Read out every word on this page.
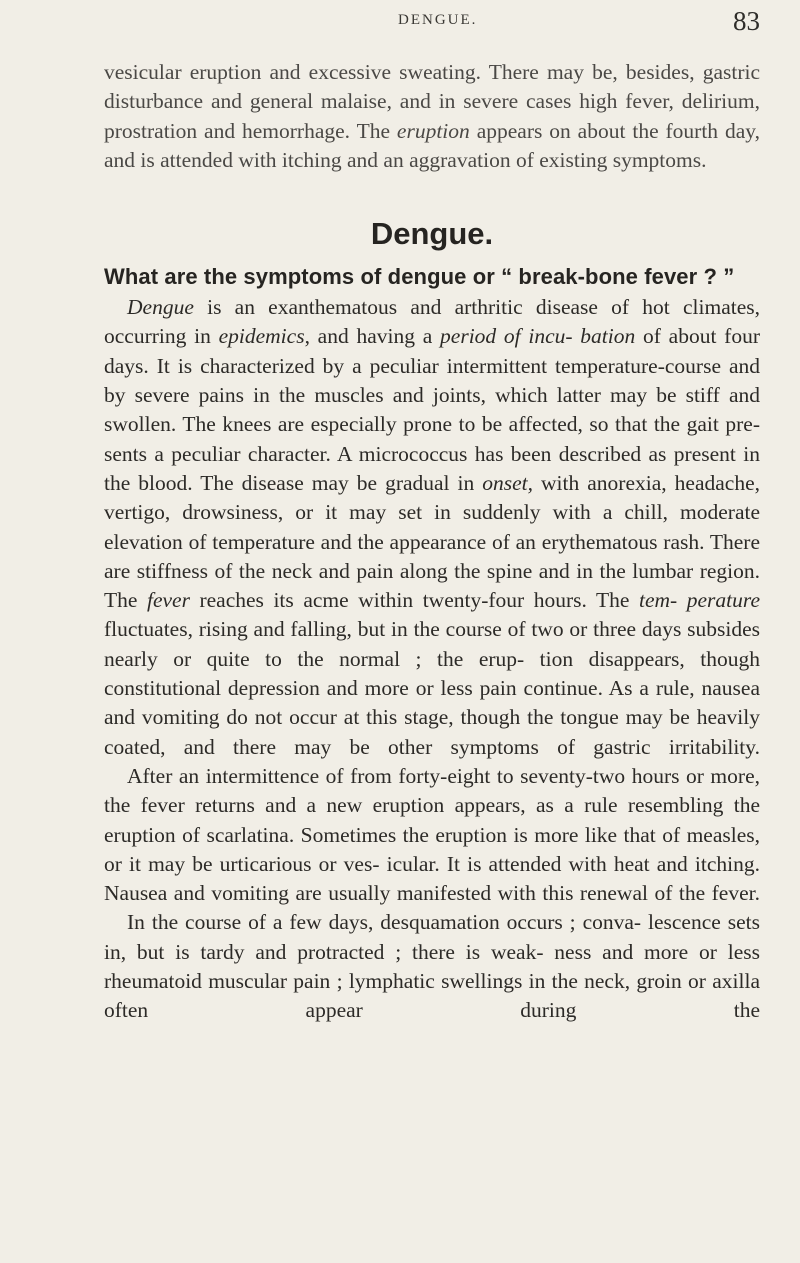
DENGUE.	83

vesicular eruption and excessive sweating. There may be, besides, gastric disturbance and general malaise, and in severe cases high fever, delirium, prostration and hemorrhage. The eruption appears on about the fourth day, and is attended with itching and an aggravation of existing symptoms.

Dengue.
What are the symptoms of dengue or “ break-bone fever ? ”

Dengue is an exanthematous and arthritic disease of hot climates, occurring in epidemics, and having a period of incu- bation of about four days. It is characterized by a peculiar intermittent temperature-course and by severe pains in the muscles and joints, which latter may be stiff and swollen. The knees are especially prone to be affected, so that the gait pre- sents a peculiar character. A micrococcus has been described as present in the blood. The disease may be gradual in onset, with anorexia, headache, vertigo, drowsiness, or it may set in suddenly with a chill, moderate elevation of temperature and the appearance of an erythematous rash. There are stiffness of the neck and pain along the spine and in the lumbar region. The fever reaches its acme within twenty-four hours. The tem- perature fluctuates, rising and falling, but in the course of two or three days subsides nearly or quite to the normal ; the erup- tion disappears, though constitutional depression and more or less pain continue. As a rule, nausea and vomiting do not occur at this stage, though the tongue may be heavily coated, and there may be other symptoms of gastric irritability.

After an intermittence of from forty-eight to seventy-two hours or more, the fever returns and a new eruption appears, as a rule resembling the eruption of scarlatina. Sometimes the eruption is more like that of measles, or it may be urticarious or ves- icular. It is attended with heat and itching. Nausea and vomiting are usually manifested with this renewal of the fever.

In the course of a few days, desquamation occurs ; conva- lescence sets in, but is tardy and protracted ; there is weak- ness and more or less rheumatoid muscular pain ; lymphatic swellings in the neck, groin or axilla often appear during the
